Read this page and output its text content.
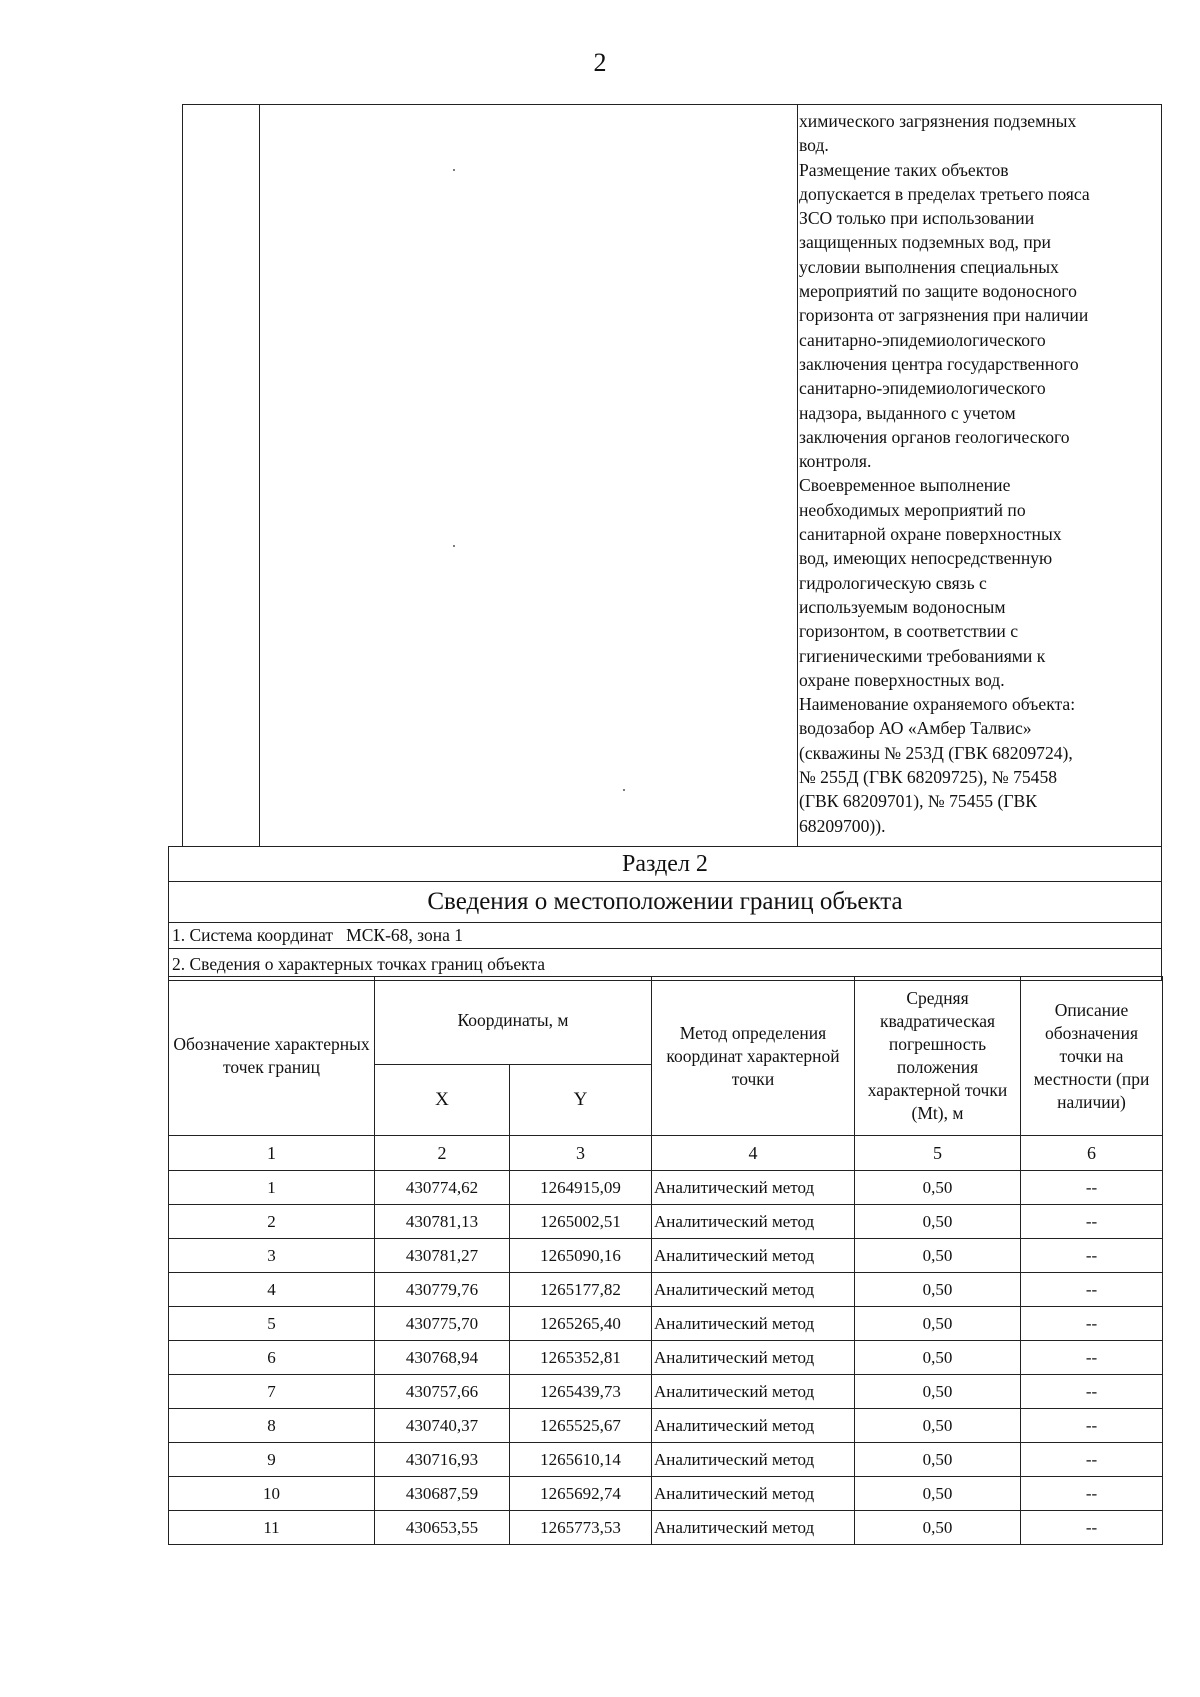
2

химического загрязнения подземных

вод.

Размещение таких объектов

допускается в пределах третьего пояса

ЗСО только при использовании

защищенных подземных вод, при

условии выполнения специальных

мероприятий по защите водоносного

горизонта от загрязнения при наличии

санитарно-эпидемиологического

заключения центра государственного

санитарно-эпидемиологического

надзора, выданного с учетом

заключения органов геологического

контроля.

Своевременное выполнение

необходимых мероприятий по

санитарной охране поверхностных

вод, имеющих непосредственную

гидрологическую связь с

используемым водоносным

горизонтом, в соответствии с

гигиеническими требованиями к

охране поверхностных вод.

Наименование охраняемого объекта:

водозабор АО «Амбер Талвис»

(скважины № 253Д (ГВК 68209724),

№ 255Д (ГВК 68209725), № 75458

(ГВК 68209701), № 75455 (ГВК

68209700)).

Раздел 2
Сведения о местоположении границ объекта
1. Система координат МСК-68, зона 1
2. Сведения о характерных точках границ объекта
Обозначение характерных точек границ	Координаты, м		Метод определения координат характерной точки	Средняя квадратическая погрешность положения характерной точки (Mt), м	Описание обозначения точки на местности (при наличии)
	X	Y			
1	2	3	4	5	6
1	430774,62	1264915,09	Аналитический метод	0,50	--
2	430781,13	1265002,51	Аналитический метод	0,50	--
3	430781,27	1265090,16	Аналитический метод	0,50	--
4	430779,76	1265177,82	Аналитический метод	0,50	--
5	430775,70	1265265,40	Аналитический метод	0,50	--
6	430768,94	1265352,81	Аналитический метод	0,50	--
7	430757,66	1265439,73	Аналитический метод	0,50	--
8	430740,37	1265525,67	Аналитический метод	0,50	--
9	430716,93	1265610,14	Аналитический метод	0,50	--
10	430687,59	1265692,74	Аналитический метод	0,50	--
11	430653,55	1265773,53	Аналитический метод	0,50	--
